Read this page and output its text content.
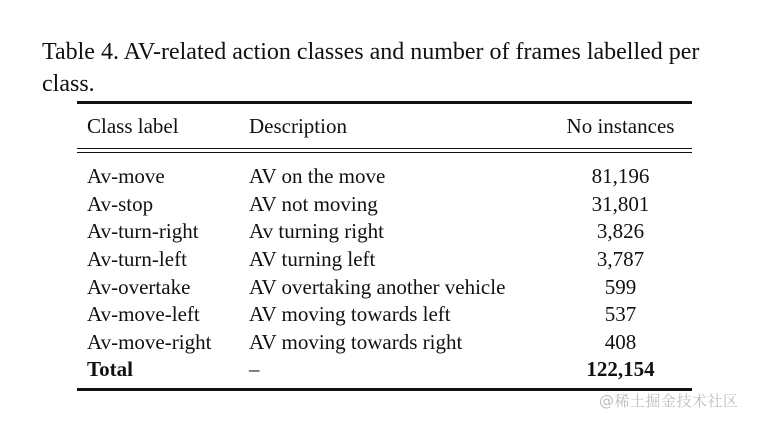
Table 4. AV-related action classes and number of frames labelled per class.

Class label	Description	No instances
Av-move	AV on the move	81,196
Av-stop	AV not moving	31,801
Av-turn-right	Av turning right	3,826
Av-turn-left	AV turning left	3,787
Av-overtake	AV overtaking another vehicle	599
Av-move-left	AV moving towards left	537
Av-move-right	AV moving towards right	408
Total	–	122,154
@稀土掘金技术社区
